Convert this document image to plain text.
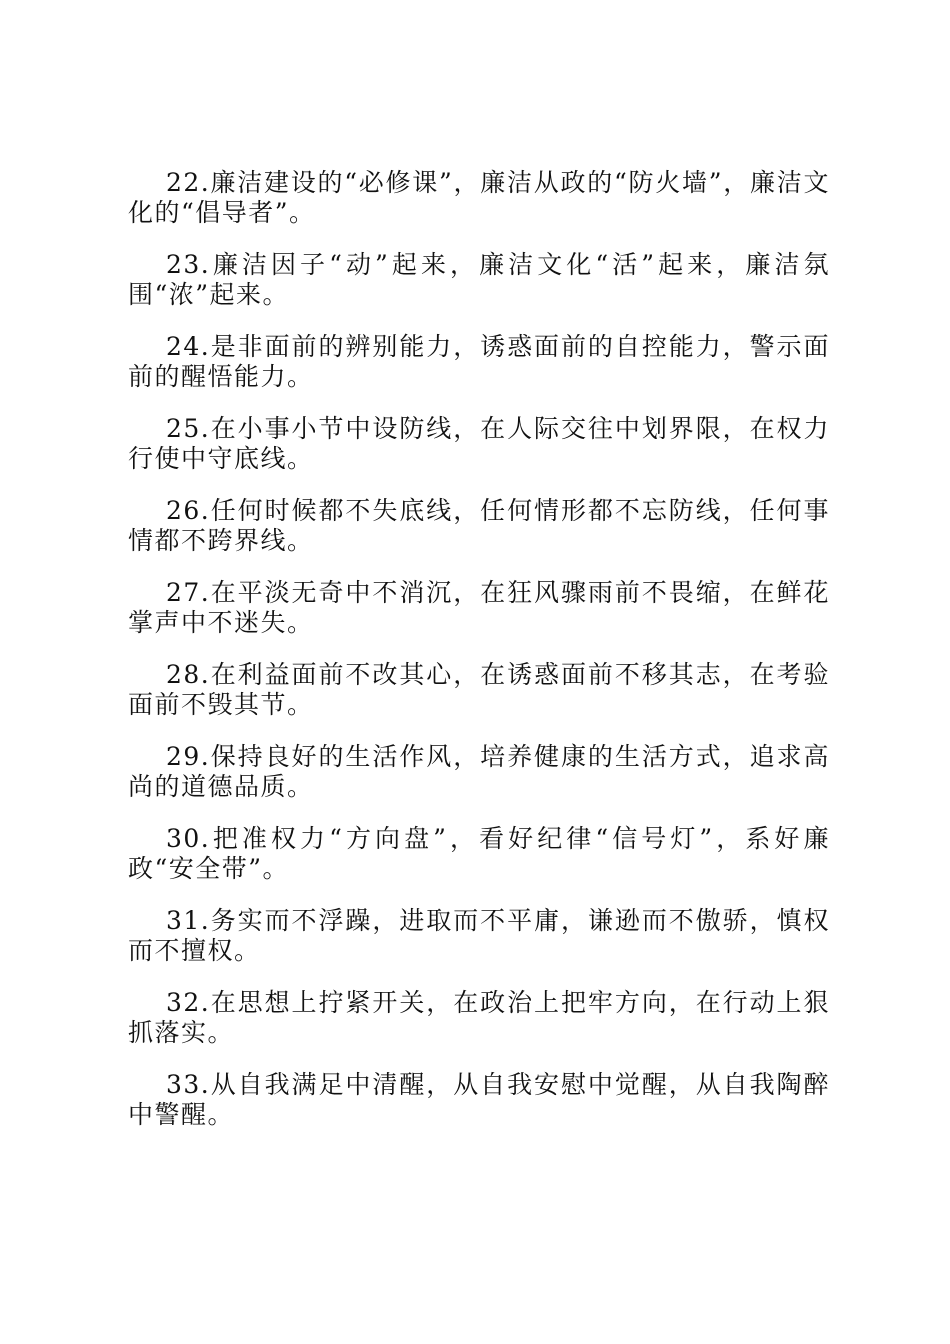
22.廉洁建设的“必修课”，廉洁从政的“防火墙”，廉洁文化的“倡导者”。

23.廉洁因子“动”起来，廉洁文化“活”起来，廉洁氛围“浓”起来。

24.是非面前的辨别能力，诱惑面前的自控能力，警示面前的醒悟能力。

25.在小事小节中设防线，在人际交往中划界限，在权力行使中守底线。

26.任何时候都不失底线，任何情形都不忘防线，任何事情都不跨界线。

27.在平淡无奇中不消沉，在狂风骤雨前不畏缩，在鲜花掌声中不迷失。

28.在利益面前不改其心，在诱惑面前不移其志，在考验面前不毁其节。

29.保持良好的生活作风，培养健康的生活方式，追求高尚的道德品质。

30.把准权力“方向盘”，看好纪律“信号灯”，系好廉政“安全带”。

31.务实而不浮躁，进取而不平庸，谦逊而不傲骄，慎权而不擅权。

32.在思想上拧紧开关，在政治上把牢方向，在行动上狠抓落实。

33.从自我满足中清醒，从自我安慰中觉醒，从自我陶醉中警醒。
